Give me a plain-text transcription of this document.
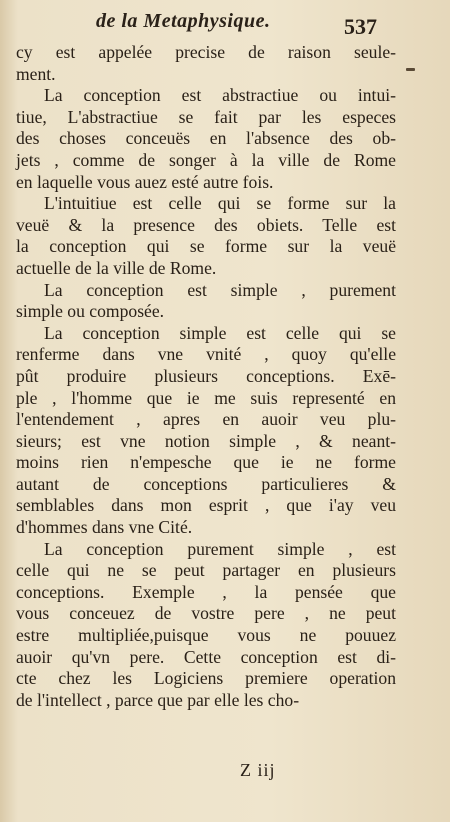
de la Metaphysique.	537
cy est appelée precise de raison seule-
ment.
La conception est abstractiue ou intui-
tiue, L'abstractiue se fait par les especes
des choses conceuës en l'absence des ob-
jets , comme de songer à la ville de Rome
en laquelle vous auez esté autre fois.
L'intuitiue est celle qui se forme sur la
veuë & la presence des obiets. Telle est
la conception qui se forme sur la veuë
actuelle de la ville de Rome.
La conception est simple , purement
simple ou composée.
La conception simple est celle qui se
renferme dans vne vnité , quoy qu'elle
pût produire plusieurs conceptions. Exē-
ple , l'homme que ie me suis representé en
l'entendement , apres en auoir veu plu-
sieurs; est vne notion simple , & neant-
moins rien n'empesche que ie ne forme
autant de conceptions particulieres &
semblables dans mon esprit , que i'ay veu
d'hommes dans vne Cité.
La conception purement simple , est
celle qui ne se peut partager en plusieurs
conceptions. Exemple , la pensée que
vous conceuez de vostre pere , ne peut
estre multipliée,puisque vous ne pouuez
auoir qu'vn pere. Cette conception est di-
cte chez les Logiciens premiere operation
de l'intellect , parce que par elle les cho-
Z iij
